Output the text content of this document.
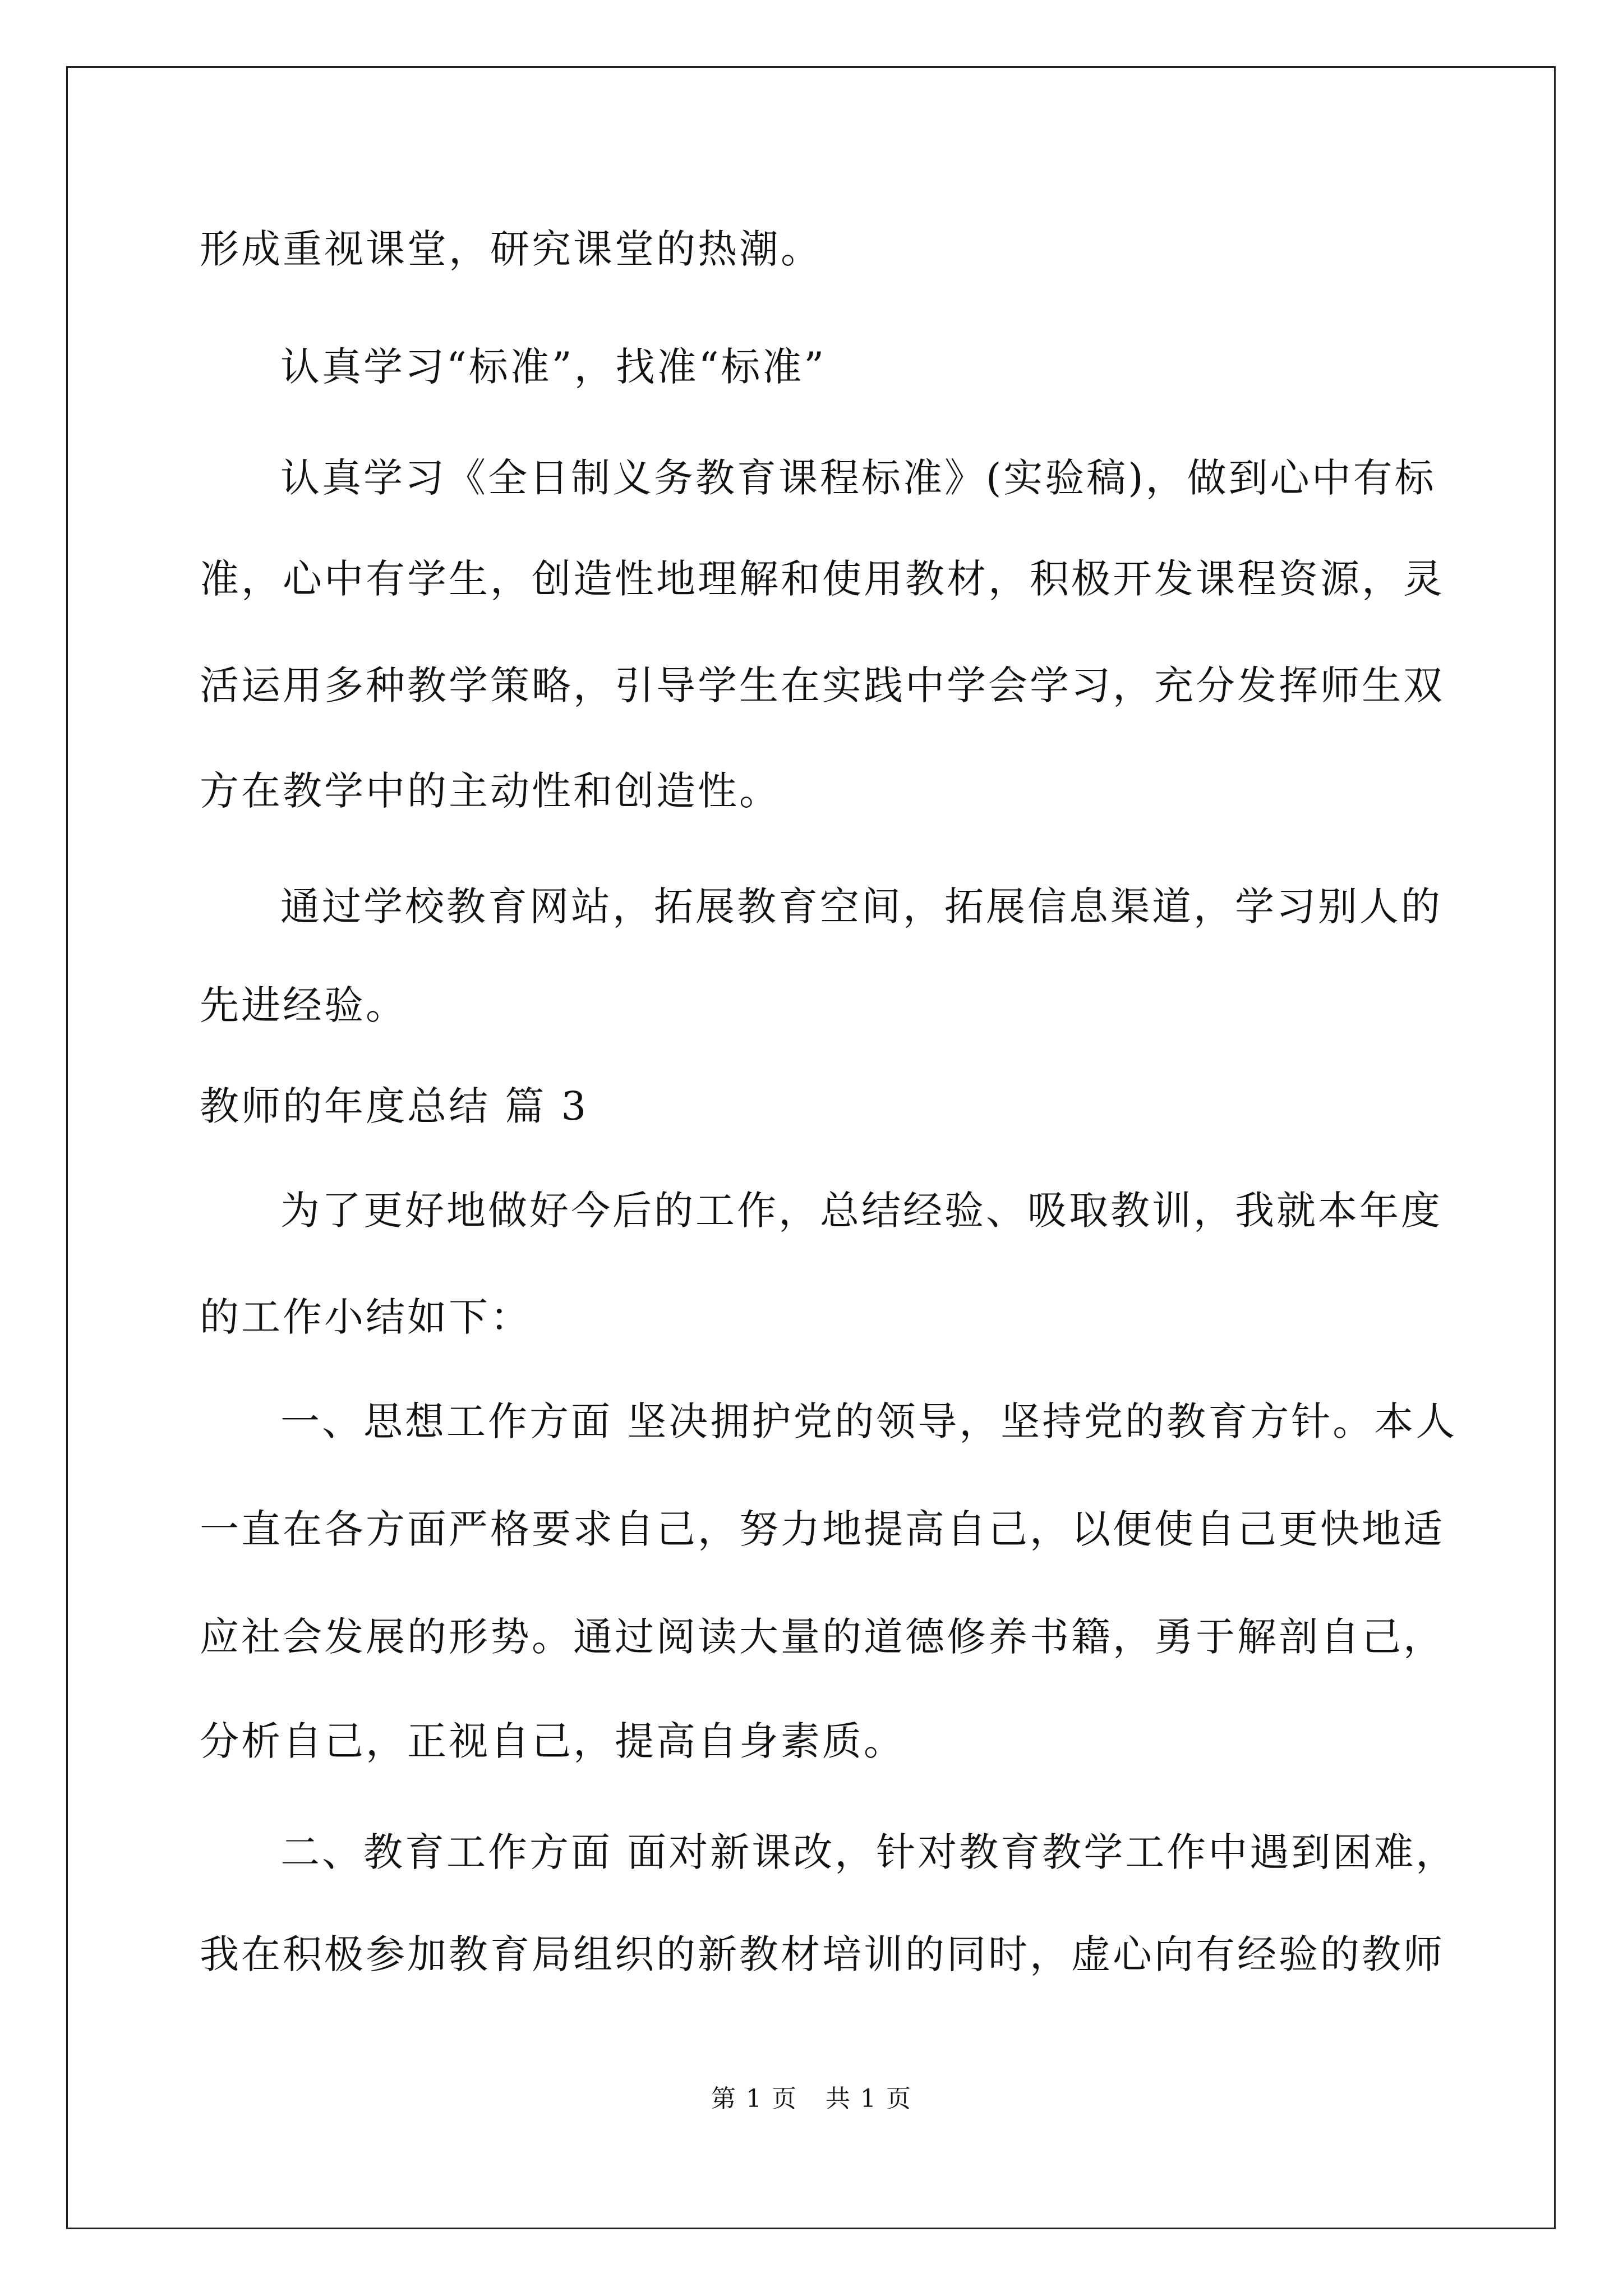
形成重视课堂，研究课堂的热潮。
认真学习“标准”，找准“标准”
认真学习《全日制义务教育课程标准》(实验稿)，做到心中有标
准，心中有学生，创造性地理解和使用教材，积极开发课程资源，灵
活运用多种教学策略，引导学生在实践中学会学习，充分发挥师生双
方在教学中的主动性和创造性。
通过学校教育网站，拓展教育空间，拓展信息渠道，学习别人的
先进经验。
教师的年度总结 篇 3
为了更好地做好今后的工作，总结经验、吸取教训，我就本年度
的工作小结如下：
一、思想工作方面 坚决拥护党的领导，坚持党的教育方针。本人
一直在各方面严格要求自己，努力地提高自己，以便使自己更快地适
应社会发展的形势。通过阅读大量的道德修养书籍，勇于解剖自己，
分析自己，正视自己，提高自身素质。
二、教育工作方面 面对新课改，针对教育教学工作中遇到困难，
我在积极参加教育局组织的新教材培训的同时，虚心向有经验的教师
第 1 页 共 1 页
